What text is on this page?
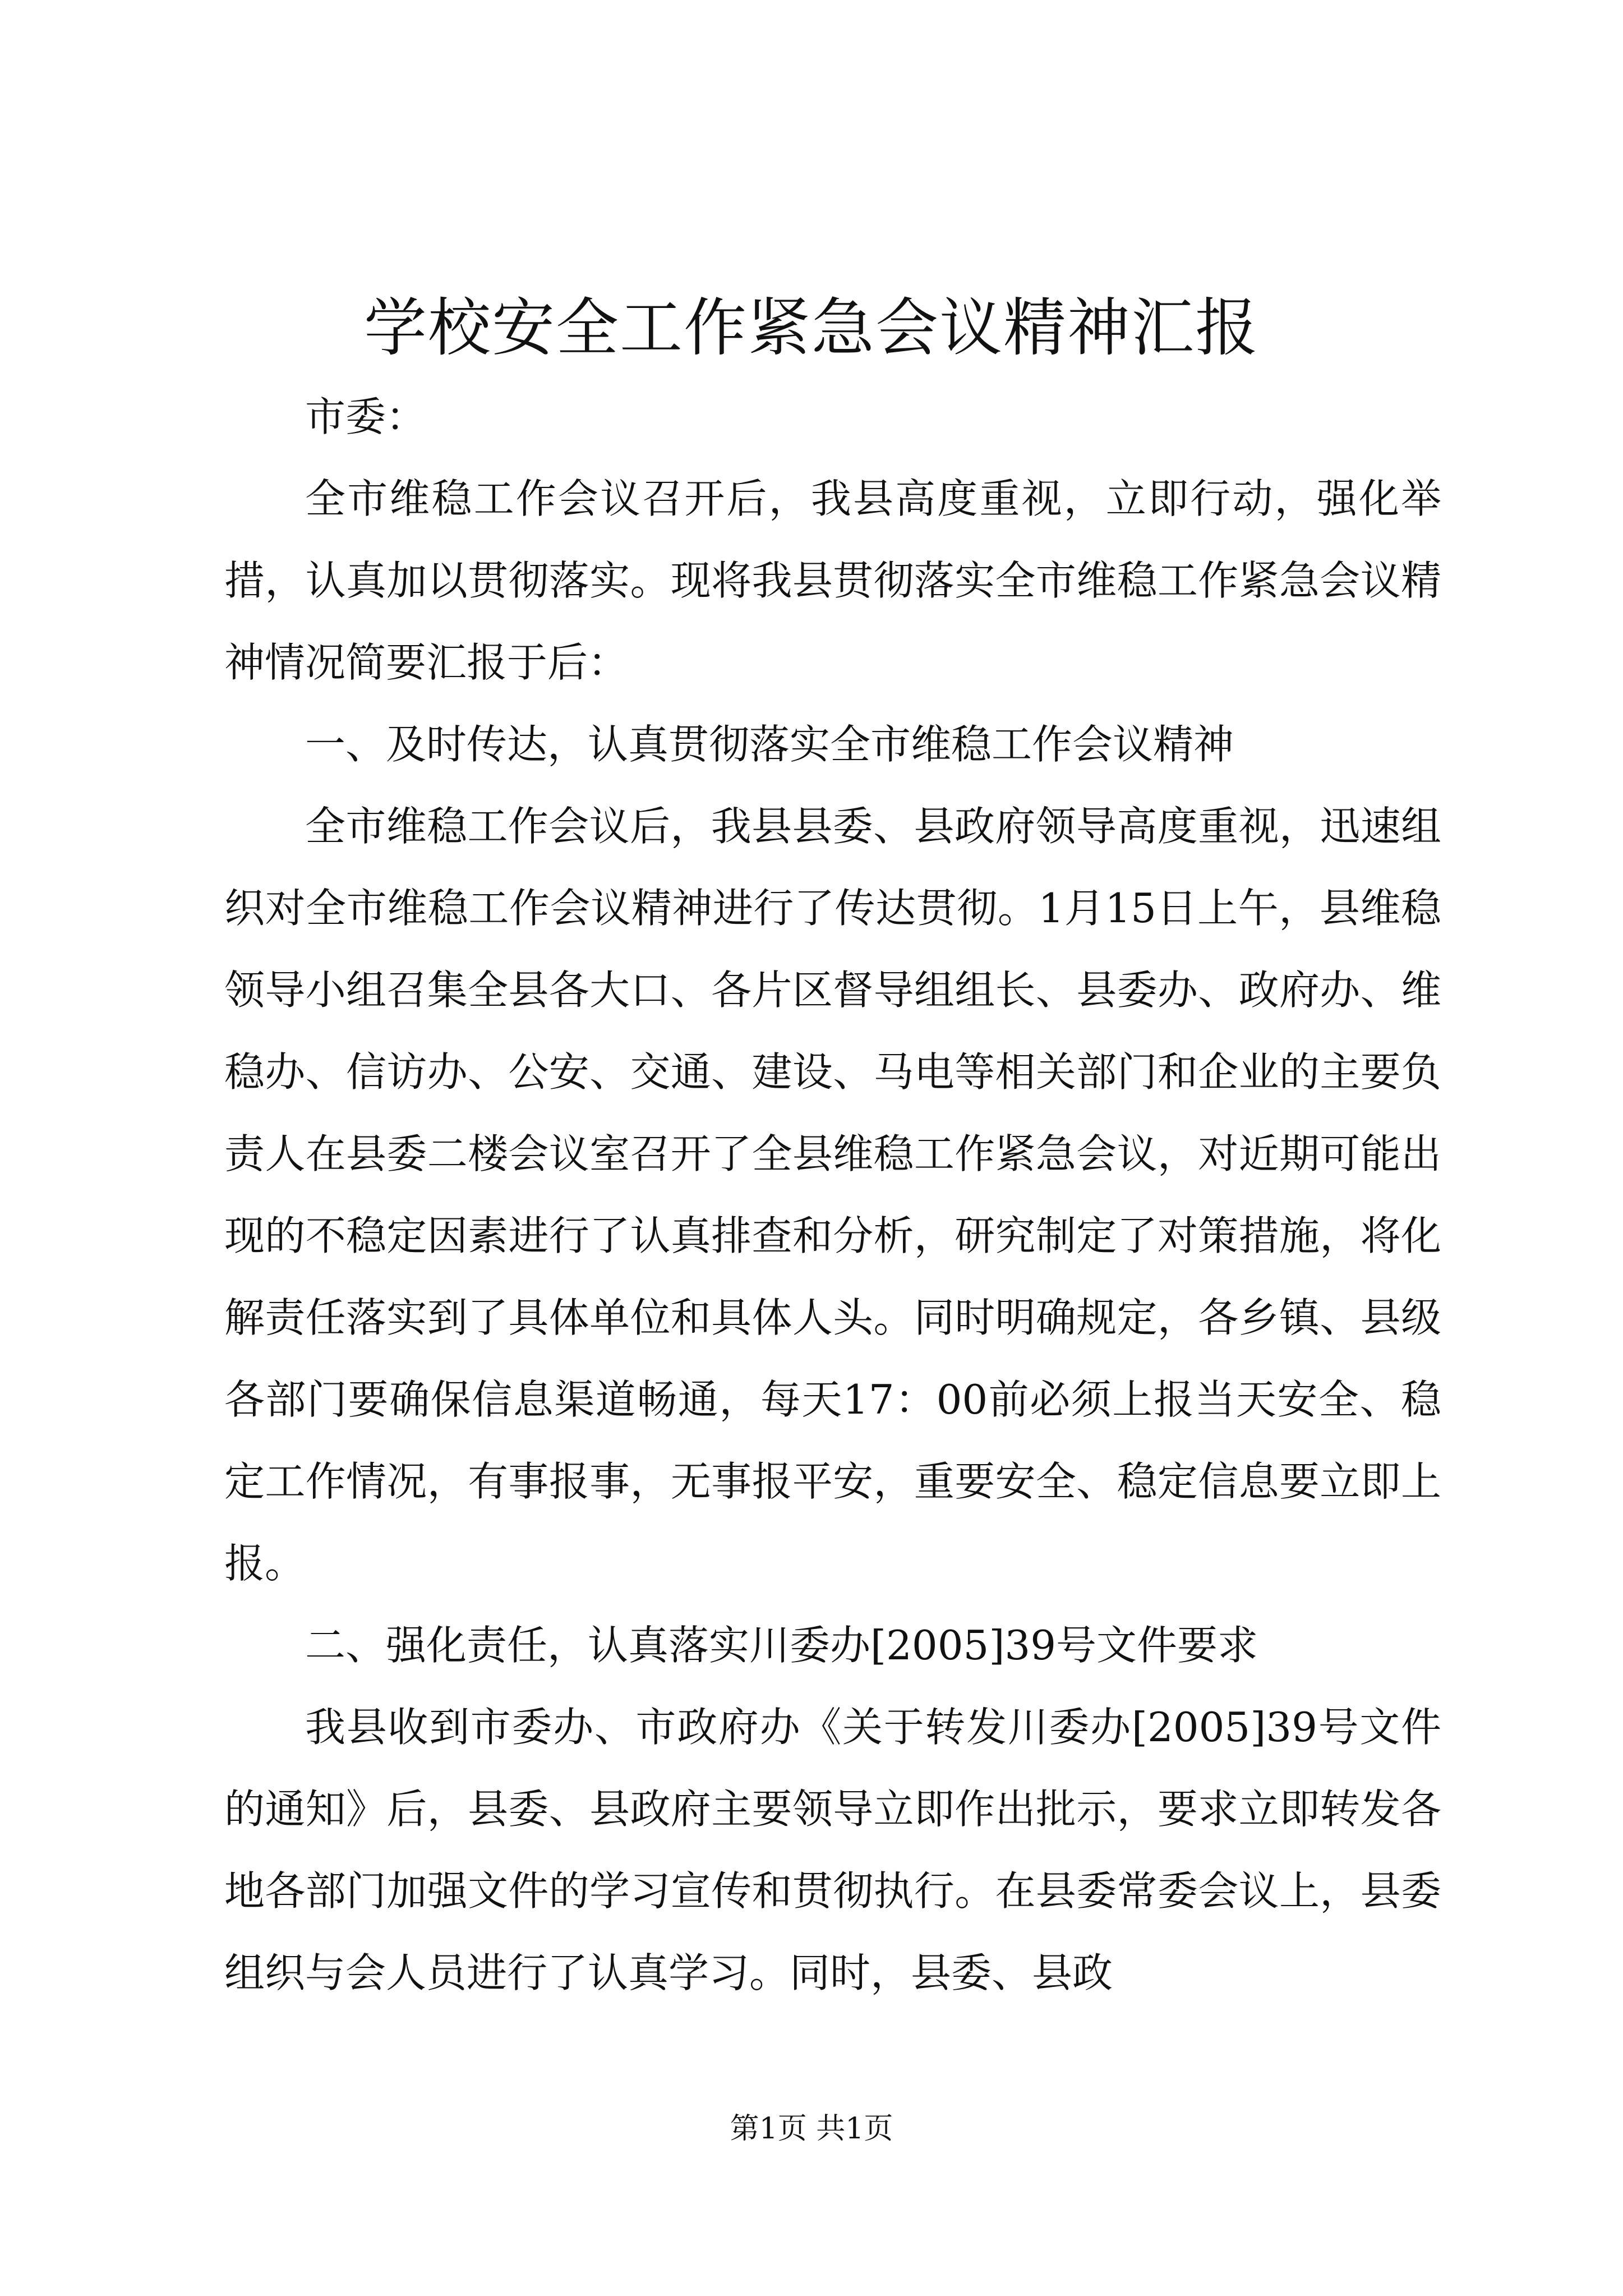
学校安全工作紧急会议精神汇报

市委：

全市维稳工作会议召开后，我县高度重视，立即行动，强化举措，认真加以贯彻落实。现将我县贯彻落实全市维稳工作紧急会议精神情况简要汇报于后：

一、及时传达，认真贯彻落实全市维稳工作会议精神

全市维稳工作会议后，我县县委、县政府领导高度重视，迅速组织对全市维稳工作会议精神进行了传达贯彻。1月15日上午，县维稳领导小组召集全县各大口、各片区督导组组长、县委办、政府办、维稳办、信访办、公安、交通、建设、马电等相关部门和企业的主要负责人在县委二楼会议室召开了全县维稳工作紧急会议，对近期可能出现的不稳定因素进行了认真排查和分析，研究制定了对策措施，将化解责任落实到了具体单位和具体人头。同时明确规定，各乡镇、县级各部门要确保信息渠道畅通，每天17：00前必须上报当天安全、稳定工作情况，有事报事，无事报平安，重要安全、稳定信息要立即上报。

二、强化责任，认真落实川委办[2005]39号文件要求

我县收到市委办、市政府办《关于转发川委办[2005]39号文件的通知》后，县委、县政府主要领导立即作出批示，要求立即转发各地各部门加强文件的学习宣传和贯彻执行。在县委常委会议上，县委组织与会人员进行了认真学习。同时，县委、县政

第1页 共1页
